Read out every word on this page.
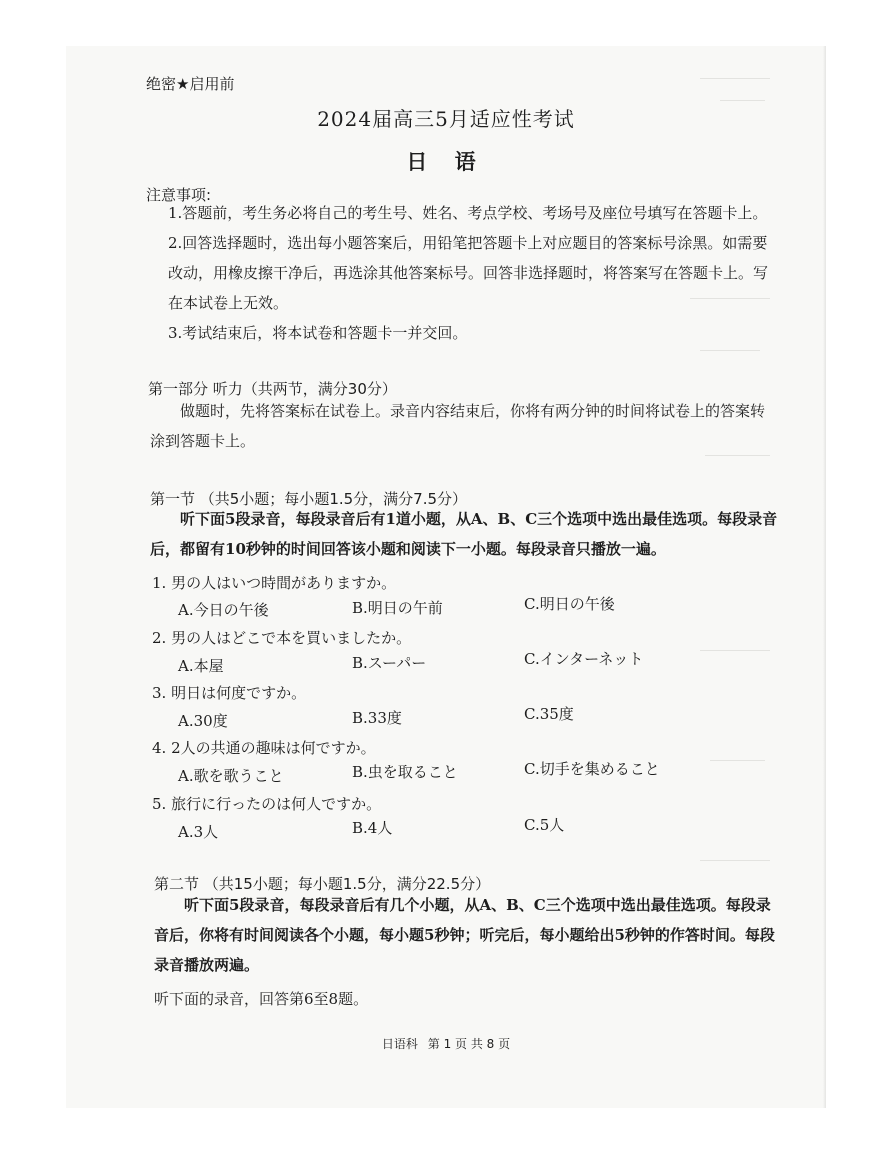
绝密★启用前
2024届高三5月适应性考试
日 语
注意事项:
1.答题前，考生务必将自己的考生号、姓名、考点学校、考场号及座位号填写在答题卡上。
2.回答选择题时，选出每小题答案后，用铅笔把答题卡上对应题目的答案标号涂黑。如需要改动，用橡皮擦干净后，再选涂其他答案标号。回答非选择题时，将答案写在答题卡上。写在本试卷上无效。
3.考试结束后，将本试卷和答题卡一并交回。
第一部分 听力（共两节，满分30分）
做题时，先将答案标在试卷上。录音内容结束后，你将有两分钟的时间将试卷上的答案转涂到答题卡上。
第一节 （共5小题；每小题1.5分，满分7.5分）
听下面5段录音，每段录音后有1道小题，从A、B、C三个选项中选出最佳选项。每段录音后，都留有10秒钟的时间回答该小题和阅读下一小题。每段录音只播放一遍。
1. 男の人はいつ時間がありますか。
A.今日の午後	B.明日の午前	C.明日の午後
2. 男の人はどこで本を買いましたか。
A.本屋	B.スーパー	C.インターネット
3. 明日は何度ですか。
A.30度	B.33度	C.35度
4. 2人の共通の趣味は何ですか。
A.歌を歌うこと	B.虫を取ること	C.切手を集めること
5. 旅行に行ったのは何人ですか。
A.3人	B.4人	C.5人
第二节 （共15小题；每小题1.5分，满分22.5分）
听下面5段录音，每段录音后有几个小题，从A、B、C三个选项中选出最佳选项。每段录音后，你将有时间阅读各个小题，每小题5秒钟；听完后，每小题给出5秒钟的作答时间。每段录音播放两遍。
听下面的录音，回答第6至8题。
日语科 第 1 页 共 8 页
